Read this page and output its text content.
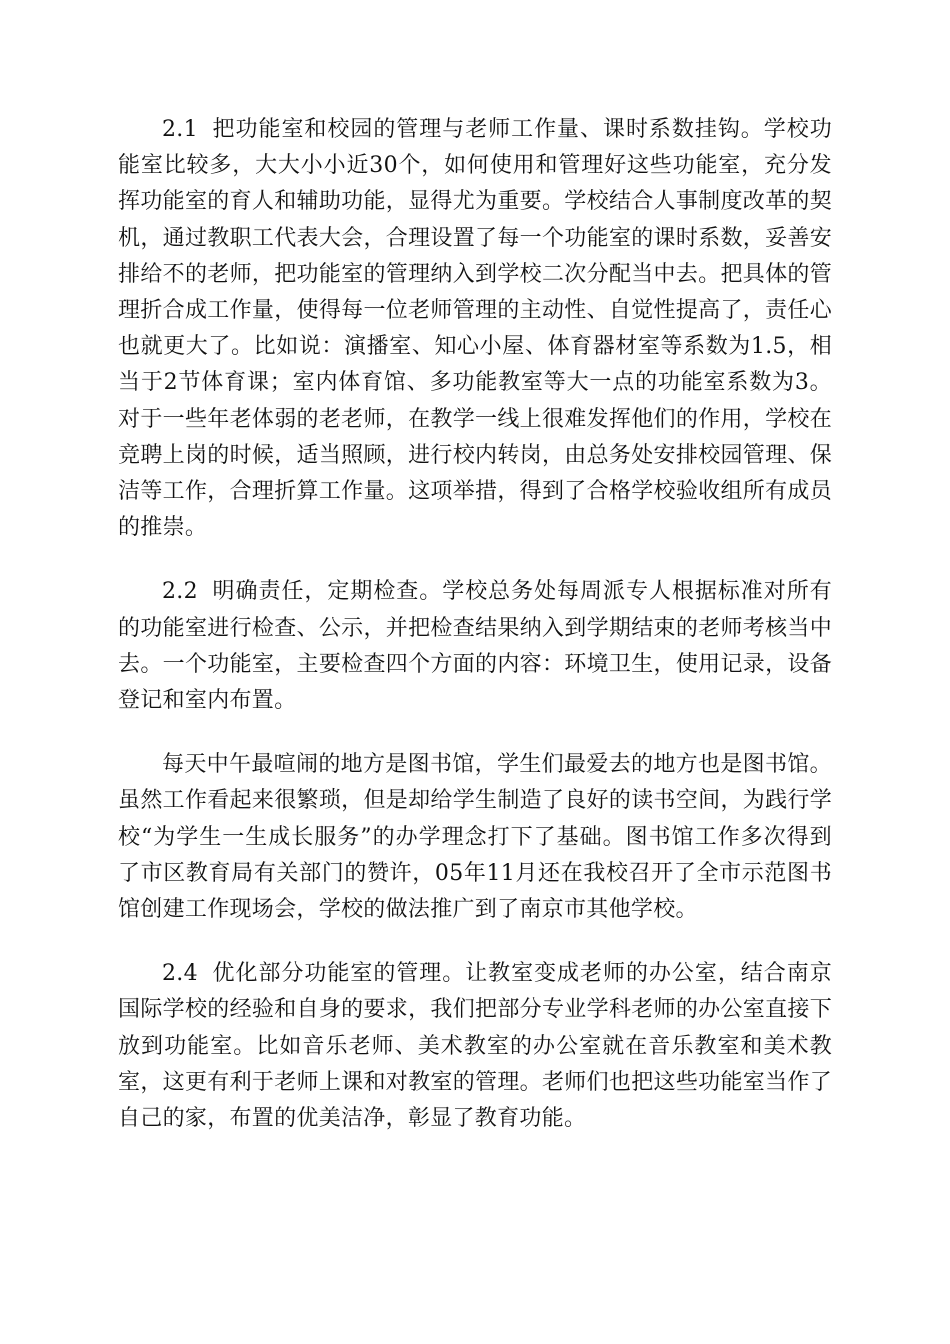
2.1 把功能室和校园的管理与老师工作量、课时系数挂钩。学校功能室比较多，大大小小近30个，如何使用和管理好这些功能室，充分发挥功能室的育人和辅助功能，显得尤为重要。学校结合人事制度改革的契机，通过教职工代表大会，合理设置了每一个功能室的课时系数，妥善安排给不的老师，把功能室的管理纳入到学校二次分配当中去。把具体的管理折合成工作量，使得每一位老师管理的主动性、自觉性提高了，责任心也就更大了。比如说：演播室、知心小屋、体育器材室等系数为1.5，相当于2节体育课；室内体育馆、多功能教室等大一点的功能室系数为3。对于一些年老体弱的老老师，在教学一线上很难发挥他们的作用，学校在竞聘上岗的时候，适当照顾，进行校内转岗，由总务处安排校园管理、保洁等工作，合理折算工作量。这项举措，得到了合格学校验收组所有成员的推崇。

2.2 明确责任，定期检查。学校总务处每周派专人根据标准对所有的功能室进行检查、公示，并把检查结果纳入到学期结束的老师考核当中去。一个功能室，主要检查四个方面的内容：环境卫生，使用记录，设备登记和室内布置。

每天中午最喧闹的地方是图书馆，学生们最爱去的地方也是图书馆。虽然工作看起来很繁琐，但是却给学生制造了良好的读书空间，为践行学校“为学生一生成长服务”的办学理念打下了基础。图书馆工作多次得到了市区教育局有关部门的赞许，05年11月还在我校召开了全市示范图书馆创建工作现场会，学校的做法推广到了南京市其他学校。

2.4 优化部分功能室的管理。让教室变成老师的办公室，结合南京国际学校的经验和自身的要求，我们把部分专业学科老师的办公室直接下放到功能室。比如音乐老师、美术教室的办公室就在音乐教室和美术教室，这更有利于老师上课和对教室的管理。老师们也把这些功能室当作了自己的家，布置的优美洁净，彰显了教育功能。
